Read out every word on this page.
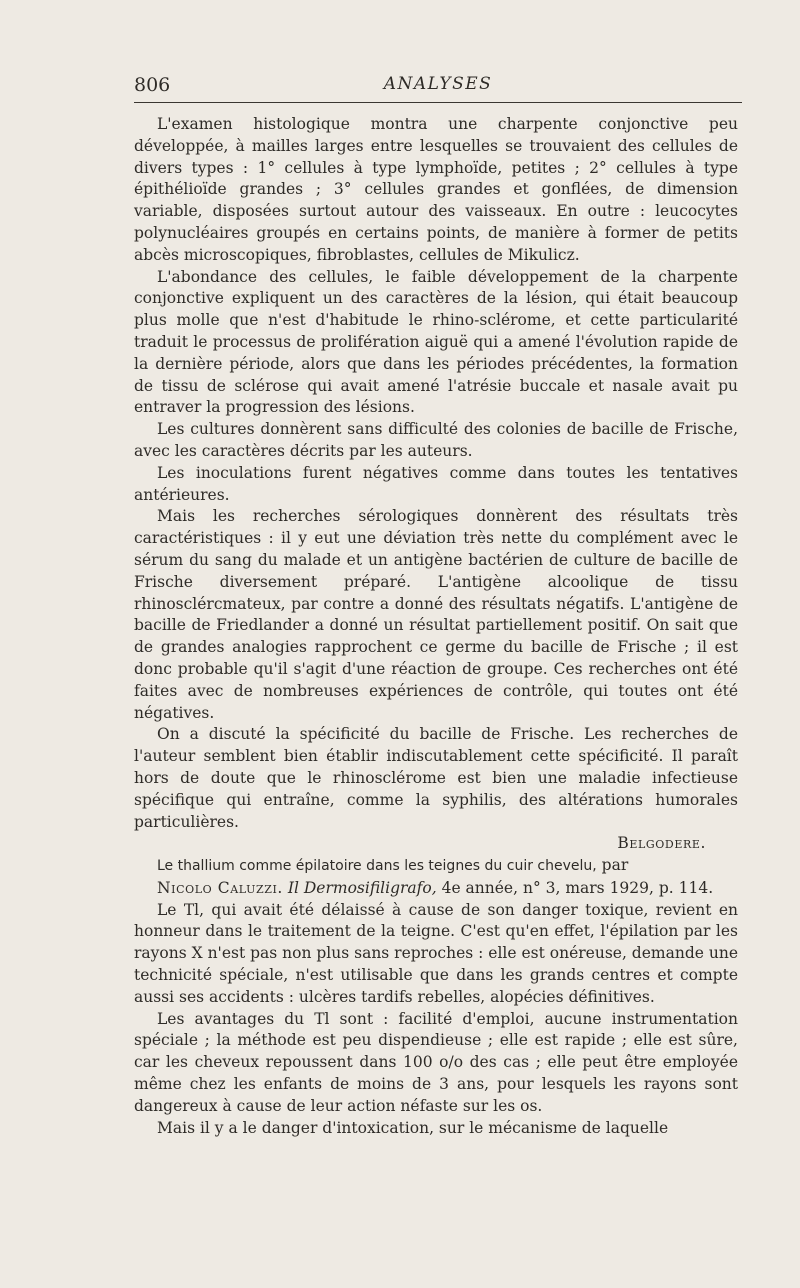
806	ANALYSES

L'examen histologique montra une charpente conjonctive peu développée, à mailles larges entre lesquelles se trouvaient des cellules de divers types : 1° cellules à type lymphoïde, petites ; 2° cellules à type épithélioïde grandes ; 3° cellules grandes et gonflées, de dimension variable, disposées surtout autour des vaisseaux. En outre : leucocytes polynucléaires groupés en certains points, de manière à former de petits abcès microscopiques, fibroblastes, cellules de Mikulicz.

L'abondance des cellules, le faible développement de la charpente conjonctive expliquent un des caractères de la lésion, qui était beaucoup plus molle que n'est d'habitude le rhino-sclérome, et cette particularité traduit le processus de prolifération aiguë qui a amené l'évolution rapide de la dernière période, alors que dans les périodes précédentes, la formation de tissu de sclérose qui avait amené l'atrésie buccale et nasale avait pu entraver la progression des lésions.

Les cultures donnèrent sans difficulté des colonies de bacille de Frische, avec les caractères décrits par les auteurs.

Les inoculations furent négatives comme dans toutes les tentatives antérieures.

Mais les recherches sérologiques donnèrent des résultats très caractéristiques : il y eut une déviation très nette du complément avec le sérum du sang du malade et un antigène bactérien de culture de bacille de Frische diversement préparé. L'antigène alcoolique de tissu rhinosclércmateux, par contre a donné des résultats négatifs. L'antigène de bacille de Friedlander a donné un résultat partiellement positif. On sait que de grandes analogies rapprochent ce germe du bacille de Frische ; il est donc probable qu'il s'agit d'une réaction de groupe. Ces recherches ont été faites avec de nombreuses expériences de contrôle, qui toutes ont été négatives.

On a discuté la spécificité du bacille de Frische. Les recherches de l'auteur semblent bien établir indiscutablement cette spécificité. Il paraît hors de doute que le rhinosclérome est bien une maladie infectieuse spécifique qui entraîne, comme la syphilis, des altérations humorales particulières.

Belgodere.

Le thallium comme épilatoire dans les teignes du cuir chevelu, par

Nicolo Caluzzi. Il Dermosifiligrafo, 4e année, n° 3, mars 1929, p. 114.

Le Tl, qui avait été délaissé à cause de son danger toxique, revient en honneur dans le traitement de la teigne. C'est qu'en effet, l'épilation par les rayons X n'est pas non plus sans reproches : elle est onéreuse, demande une technicité spéciale, n'est utilisable que dans les grands centres et compte aussi ses accidents : ulcères tardifs rebelles, alopécies définitives.

Les avantages du Tl sont : facilité d'emploi, aucune instrumentation spéciale ; la méthode est peu dispendieuse ; elle est rapide ; elle est sûre, car les cheveux repoussent dans 100 o/o des cas ; elle peut être employée même chez les enfants de moins de 3 ans, pour lesquels les rayons sont dangereux à cause de leur action néfaste sur les os.

Mais il y a le danger d'intoxication, sur le mécanisme de laquelle
